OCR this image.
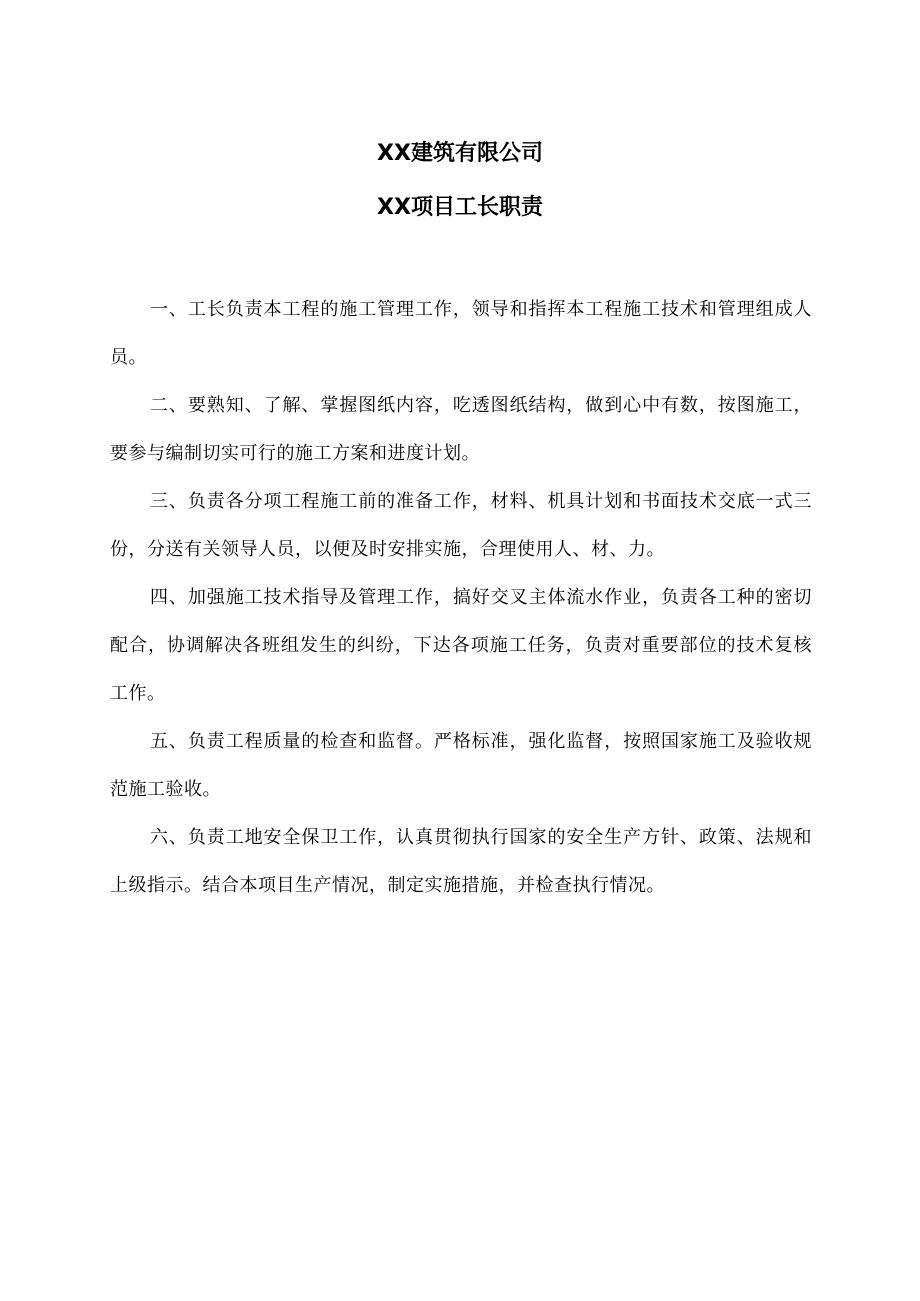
XX建筑有限公司
XX项目工长职责

一、工长负责本工程的施工管理工作，领导和指挥本工程施工技术和管理组成人员。

二、要熟知、了解、掌握图纸内容，吃透图纸结构，做到心中有数，按图施工，要参与编制切实可行的施工方案和进度计划。

三、负责各分项工程施工前的准备工作，材料、机具计划和书面技术交底一式三份，分送有关领导人员，以便及时安排实施，合理使用人、材、力。

四、加强施工技术指导及管理工作，搞好交叉主体流水作业，负责各工种的密切配合，协调解决各班组发生的纠纷，下达各项施工任务，负责对重要部位的技术复核工作。

五、负责工程质量的检查和监督。严格标准，强化监督，按照国家施工及验收规范施工验收。

六、负责工地安全保卫工作，认真贯彻执行国家的安全生产方针、政策、法规和上级指示。结合本项目生产情况，制定实施措施，并检查执行情况。
